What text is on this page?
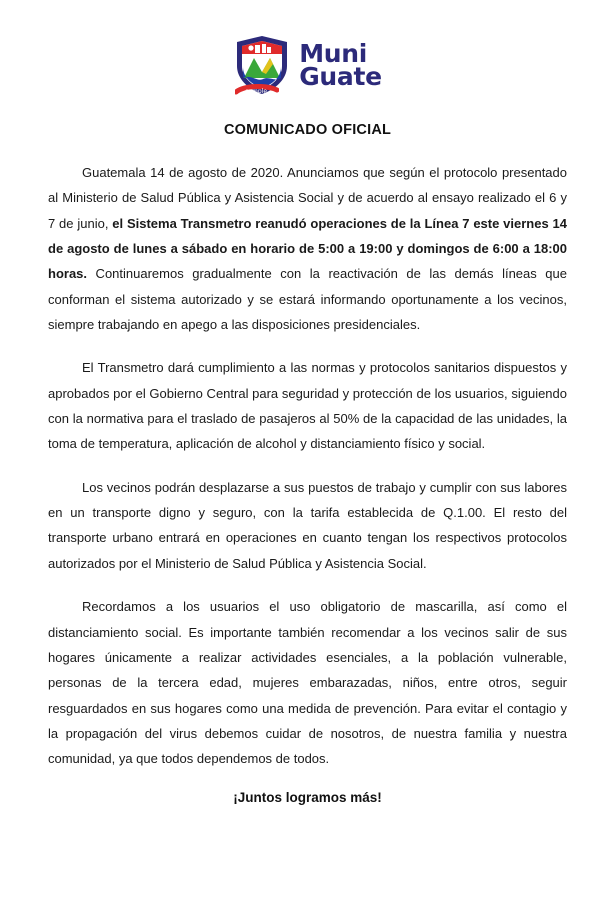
cumple
Muni
Guate
COMUNICADO OFICIAL

Guatemala 14 de agosto de 2020. Anunciamos que según el protocolo presentado al Ministerio de Salud Pública y Asistencia Social y de acuerdo al ensayo realizado el 6 y 7 de junio, el Sistema Transmetro reanudó operaciones de la Línea 7 este viernes 14 de agosto de lunes a sábado en horario de 5:00 a 19:00 y domingos de 6:00 a 18:00 horas. Continuaremos gradualmente con la reactivación de las demás líneas que conforman el sistema autorizado y se estará informando oportunamente a los vecinos, siempre trabajando en apego a las disposiciones presidenciales.

El Transmetro dará cumplimiento a las normas y protocolos sanitarios dispuestos y aprobados por el Gobierno Central para seguridad y protección de los usuarios, siguiendo con la normativa para el traslado de pasajeros al 50% de la capacidad de las unidades, la toma de temperatura, aplicación de alcohol y distanciamiento físico y social.

Los vecinos podrán desplazarse a sus puestos de trabajo y cumplir con sus labores en un transporte digno y seguro, con la tarifa establecida de Q.1.00. El resto del transporte urbano entrará en operaciones en cuanto tengan los respectivos protocolos autorizados por el Ministerio de Salud Pública y Asistencia Social.

Recordamos a los usuarios el uso obligatorio de mascarilla, así como el distanciamiento social. Es importante también recomendar a los vecinos salir de sus hogares únicamente a realizar actividades esenciales, a la población vulnerable, personas de la tercera edad, mujeres embarazadas, niños, entre otros, seguir resguardados en sus hogares como una medida de prevención. Para evitar el contagio y la propagación del virus debemos cuidar de nosotros, de nuestra familia y nuestra comunidad, ya que todos dependemos de todos.

¡Juntos logramos más!
